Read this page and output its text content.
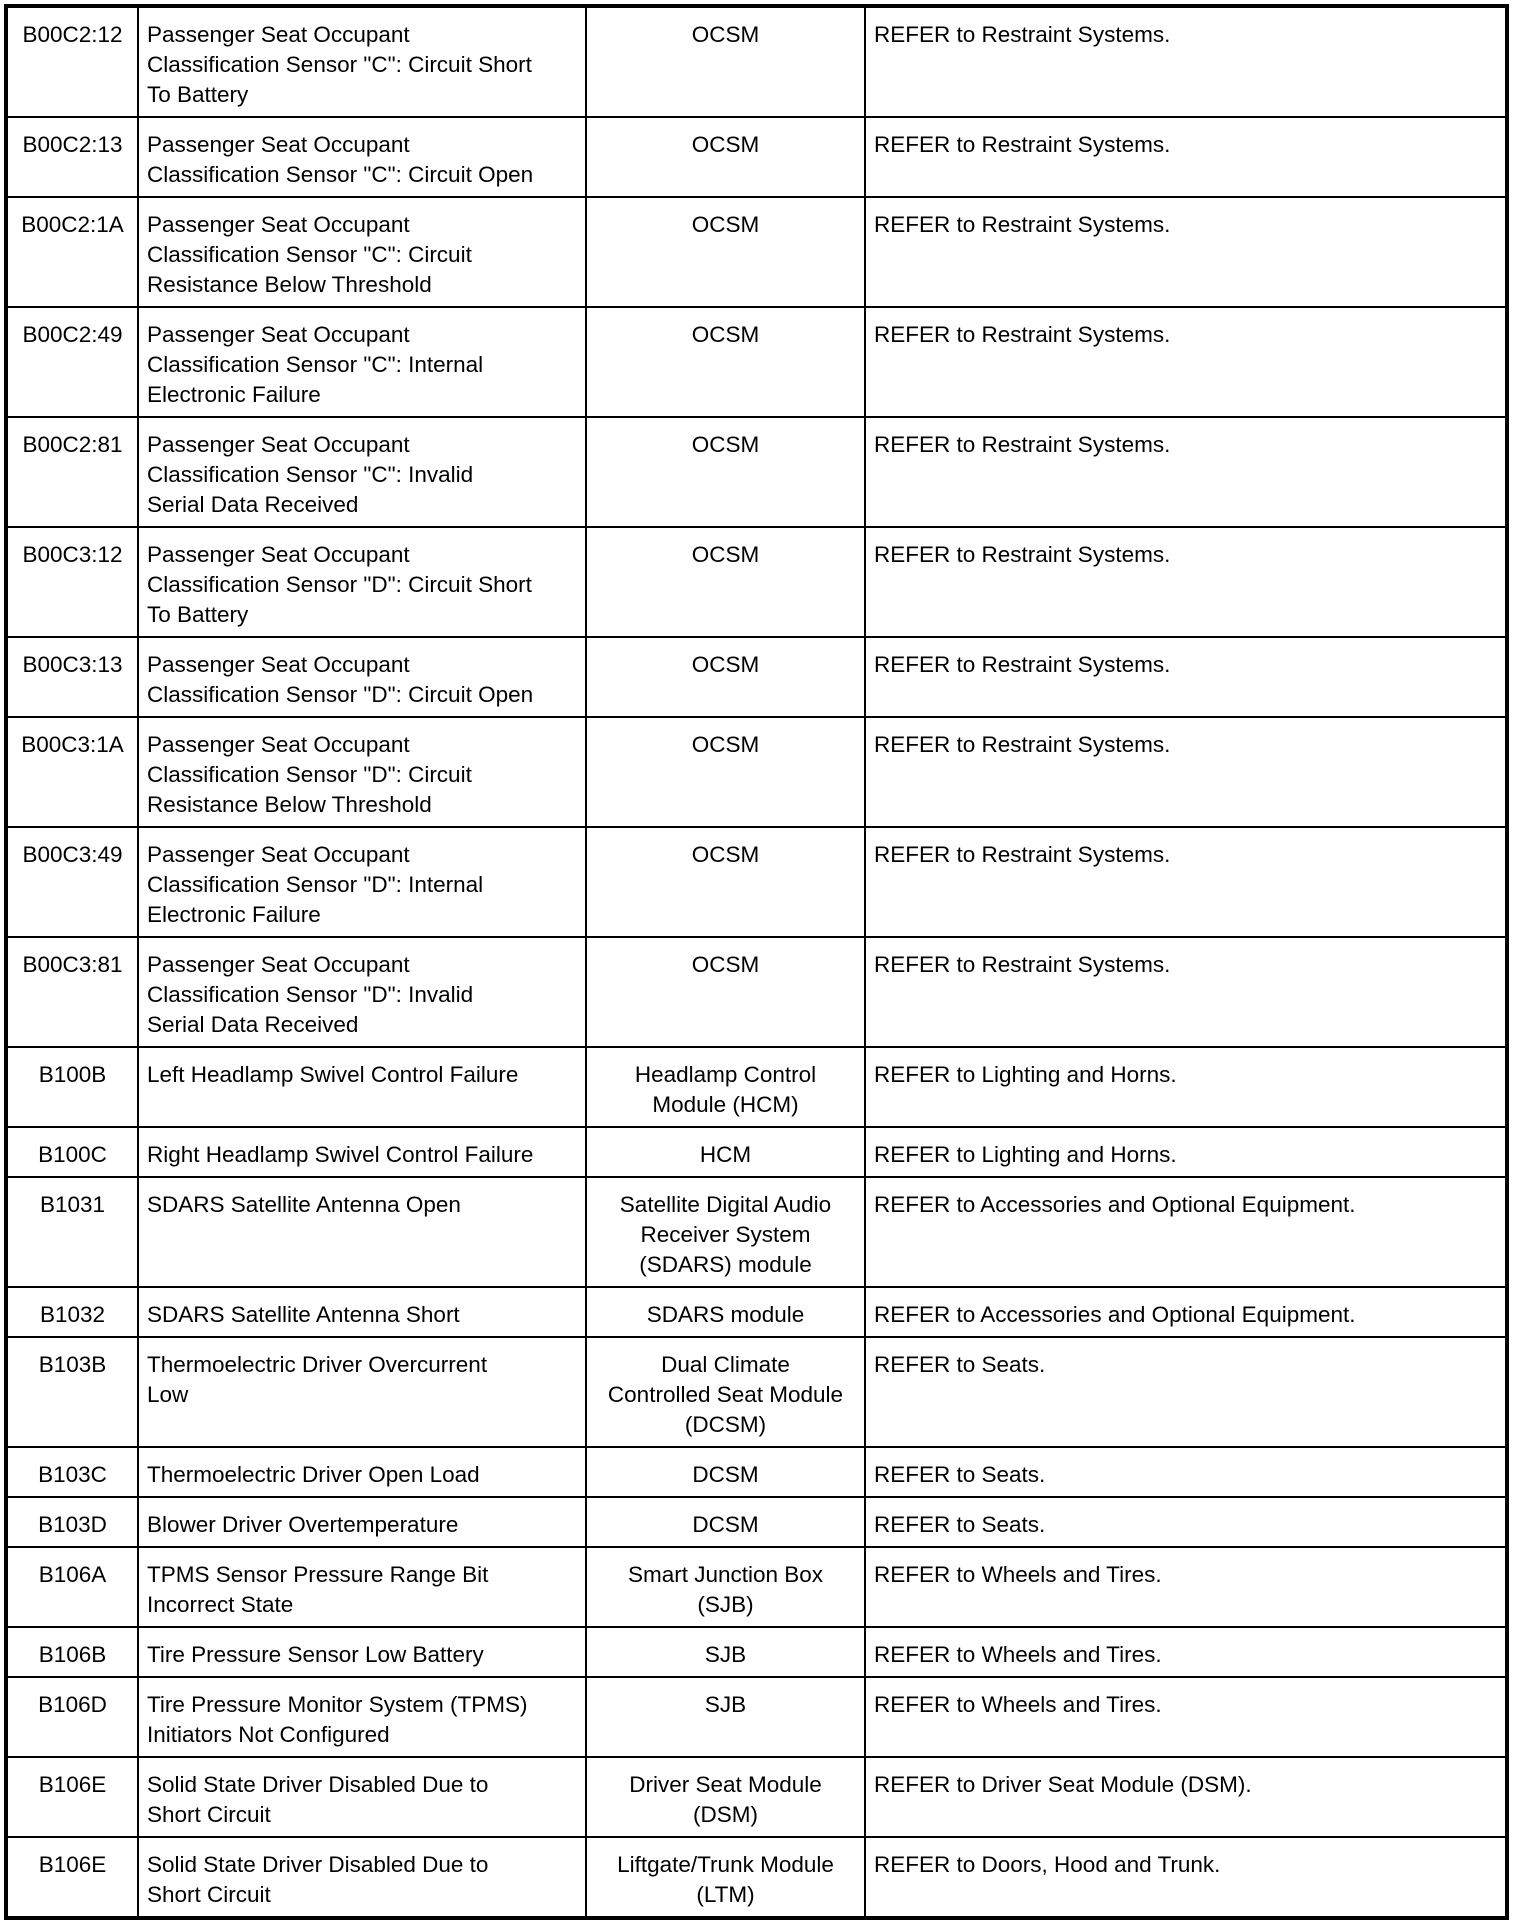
B00C2:12	Passenger Seat Occupant
Classification Sensor "C": Circuit Short
To Battery	OCSM	REFER to Restraint Systems.
B00C2:13	Passenger Seat Occupant
Classification Sensor "C": Circuit Open	OCSM	REFER to Restraint Systems.
B00C2:1A	Passenger Seat Occupant
Classification Sensor "C": Circuit
Resistance Below Threshold	OCSM	REFER to Restraint Systems.
B00C2:49	Passenger Seat Occupant
Classification Sensor "C": Internal
Electronic Failure	OCSM	REFER to Restraint Systems.
B00C2:81	Passenger Seat Occupant
Classification Sensor "C": Invalid
Serial Data Received	OCSM	REFER to Restraint Systems.
B00C3:12	Passenger Seat Occupant
Classification Sensor "D": Circuit Short
To Battery	OCSM	REFER to Restraint Systems.
B00C3:13	Passenger Seat Occupant
Classification Sensor "D": Circuit Open	OCSM	REFER to Restraint Systems.
B00C3:1A	Passenger Seat Occupant
Classification Sensor "D": Circuit
Resistance Below Threshold	OCSM	REFER to Restraint Systems.
B00C3:49	Passenger Seat Occupant
Classification Sensor "D": Internal
Electronic Failure	OCSM	REFER to Restraint Systems.
B00C3:81	Passenger Seat Occupant
Classification Sensor "D": Invalid
Serial Data Received	OCSM	REFER to Restraint Systems.
B100B	Left Headlamp Swivel Control Failure	Headlamp Control
Module (HCM)	REFER to Lighting and Horns.
B100C	Right Headlamp Swivel Control Failure	HCM	REFER to Lighting and Horns.
B1031	SDARS Satellite Antenna Open	Satellite Digital Audio
Receiver System
(SDARS) module	REFER to Accessories and Optional Equipment.
B1032	SDARS Satellite Antenna Short	SDARS module	REFER to Accessories and Optional Equipment.
B103B	Thermoelectric Driver Overcurrent
Low	Dual Climate
Controlled Seat Module
(DCSM)	REFER to Seats.
B103C	Thermoelectric Driver Open Load	DCSM	REFER to Seats.
B103D	Blower Driver Overtemperature	DCSM	REFER to Seats.
B106A	TPMS Sensor Pressure Range Bit
Incorrect State	Smart Junction Box
(SJB)	REFER to Wheels and Tires.
B106B	Tire Pressure Sensor Low Battery	SJB	REFER to Wheels and Tires.
B106D	Tire Pressure Monitor System (TPMS)
Initiators Not Configured	SJB	REFER to Wheels and Tires.
B106E	Solid State Driver Disabled Due to
Short Circuit	Driver Seat Module
(DSM)	REFER to Driver Seat Module (DSM).
B106E	Solid State Driver Disabled Due to
Short Circuit	Liftgate/Trunk Module
(LTM)	REFER to Doors, Hood and Trunk.
